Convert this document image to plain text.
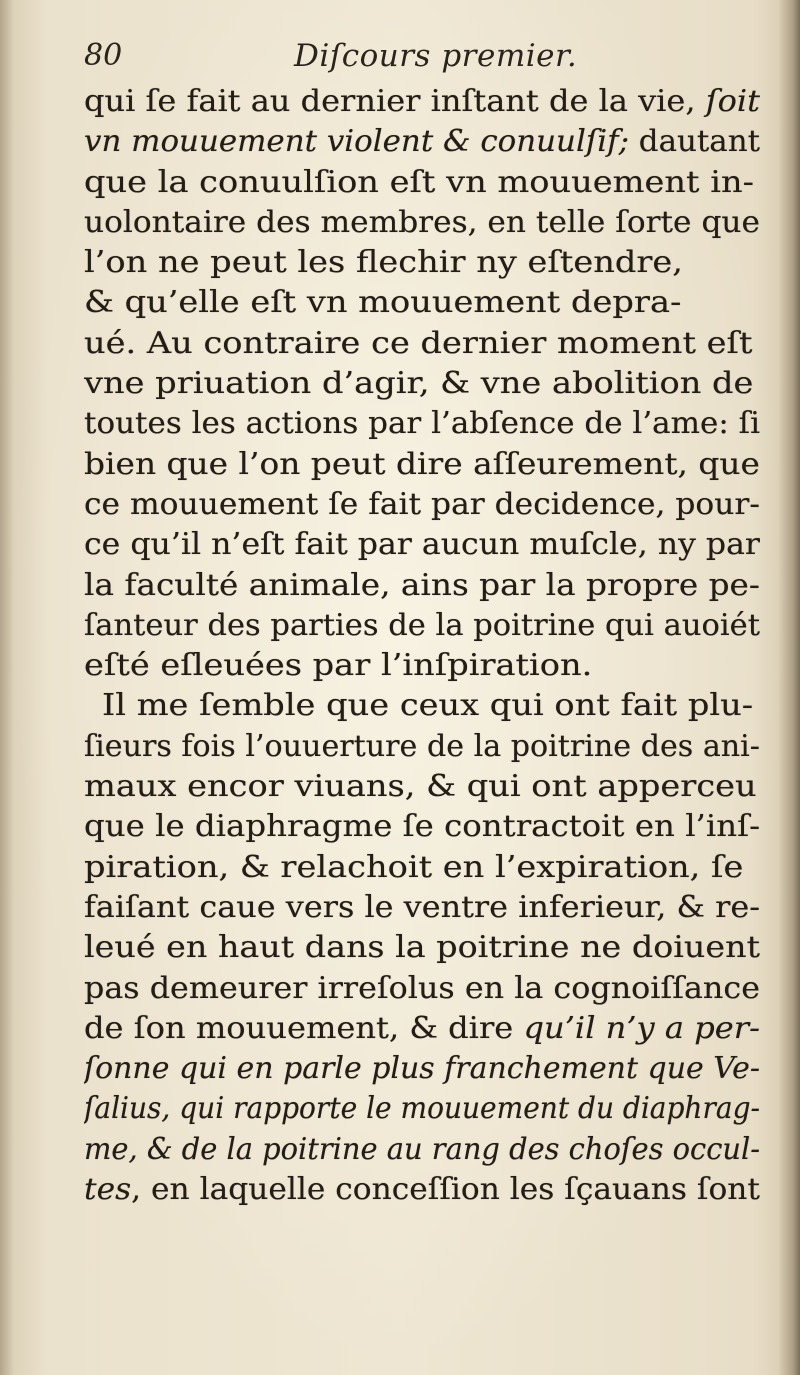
80	Diſcours premier.
qui ſe fait au dernier inſtant de la vie, ſoit
vn mouuement violent & conuulſif; dautant
que la conuulſion eſt vn mouuement in-
uolontaire des membres, en telle ſorte que
l’on ne peut les flechir ny eſtendre,
& qu’elle eſt vn mouuement depra-
ué. Au contraire ce dernier moment eſt
vne priuation d’agir, & vne abolition de
toutes les actions par l’abſence de l’ame: ſi
bien que l’on peut dire aſſeurement, que
ce mouuement ſe fait par decidence, pour-
ce qu’il n’eſt fait par aucun muſcle, ny par
la faculté animale, ains par la propre pe-
ſanteur des parties de la poitrine qui auoiét
eſté eſleuées par l’inſpiration.
Il me ſemble que ceux qui ont fait plu-
ſieurs fois l’ouuerture de la poitrine des ani-
maux encor viuans, & qui ont apperceu
que le diaphragme ſe contractoit en l’inſ-
piration, & relachoit en l’expiration, ſe
faiſant caue vers le ventre inferieur, & re-
leué en haut dans la poitrine ne doiuent
pas demeurer irreſolus en la cognoiſſance
de ſon mouuement, & dire qu’il n’y a per-
ſonne qui en parle plus franchement que Ve-
ſalius, qui rapporte le mouuement du diaphrag-
me, & de la poitrine au rang des choſes occul-
tes, en laquelle conceſſion les ſçauans ſont
